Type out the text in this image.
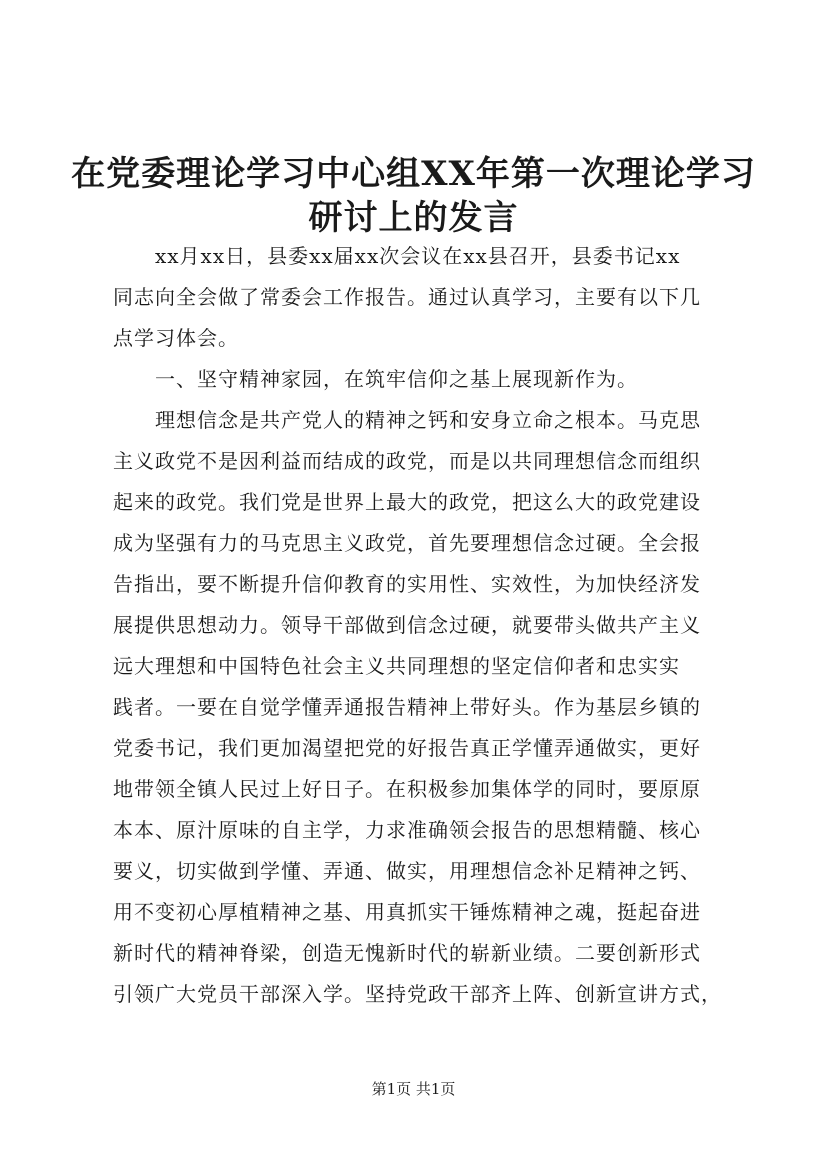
在党委理论学习中心组XX年第一次理论学习
研讨上的发言
　　xx月xx日，县委xx届xx次会议在xx县召开，县委书记xx
同志向全会做了常委会工作报告。通过认真学习，主要有以下几
点学习体会。
　　一、坚守精神家园，在筑牢信仰之基上展现新作为。
　　理想信念是共产党人的精神之钙和安身立命之根本。马克思
主义政党不是因利益而结成的政党，而是以共同理想信念而组织
起来的政党。我们党是世界上最大的政党，把这么大的政党建设
成为坚强有力的马克思主义政党，首先要理想信念过硬。全会报
告指出，要不断提升信仰教育的实用性、实效性，为加快经济发
展提供思想动力。领导干部做到信念过硬，就要带头做共产主义
远大理想和中国特色社会主义共同理想的坚定信仰者和忠实实
践者。一要在自觉学懂弄通报告精神上带好头。作为基层乡镇的
党委书记，我们更加渴望把党的好报告真正学懂弄通做实，更好
地带领全镇人民过上好日子。在积极参加集体学的同时，要原原
本本、原汁原味的自主学，力求准确领会报告的思想精髓、核心
要义，切实做到学懂、弄通、做实，用理想信念补足精神之钙、
用不变初心厚植精神之基、用真抓实干锤炼精神之魂，挺起奋进
新时代的精神脊梁，创造无愧新时代的崭新业绩。二要创新形式
引领广大党员干部深入学。坚持党政干部齐上阵、创新宣讲方式，
第1页 共1页
